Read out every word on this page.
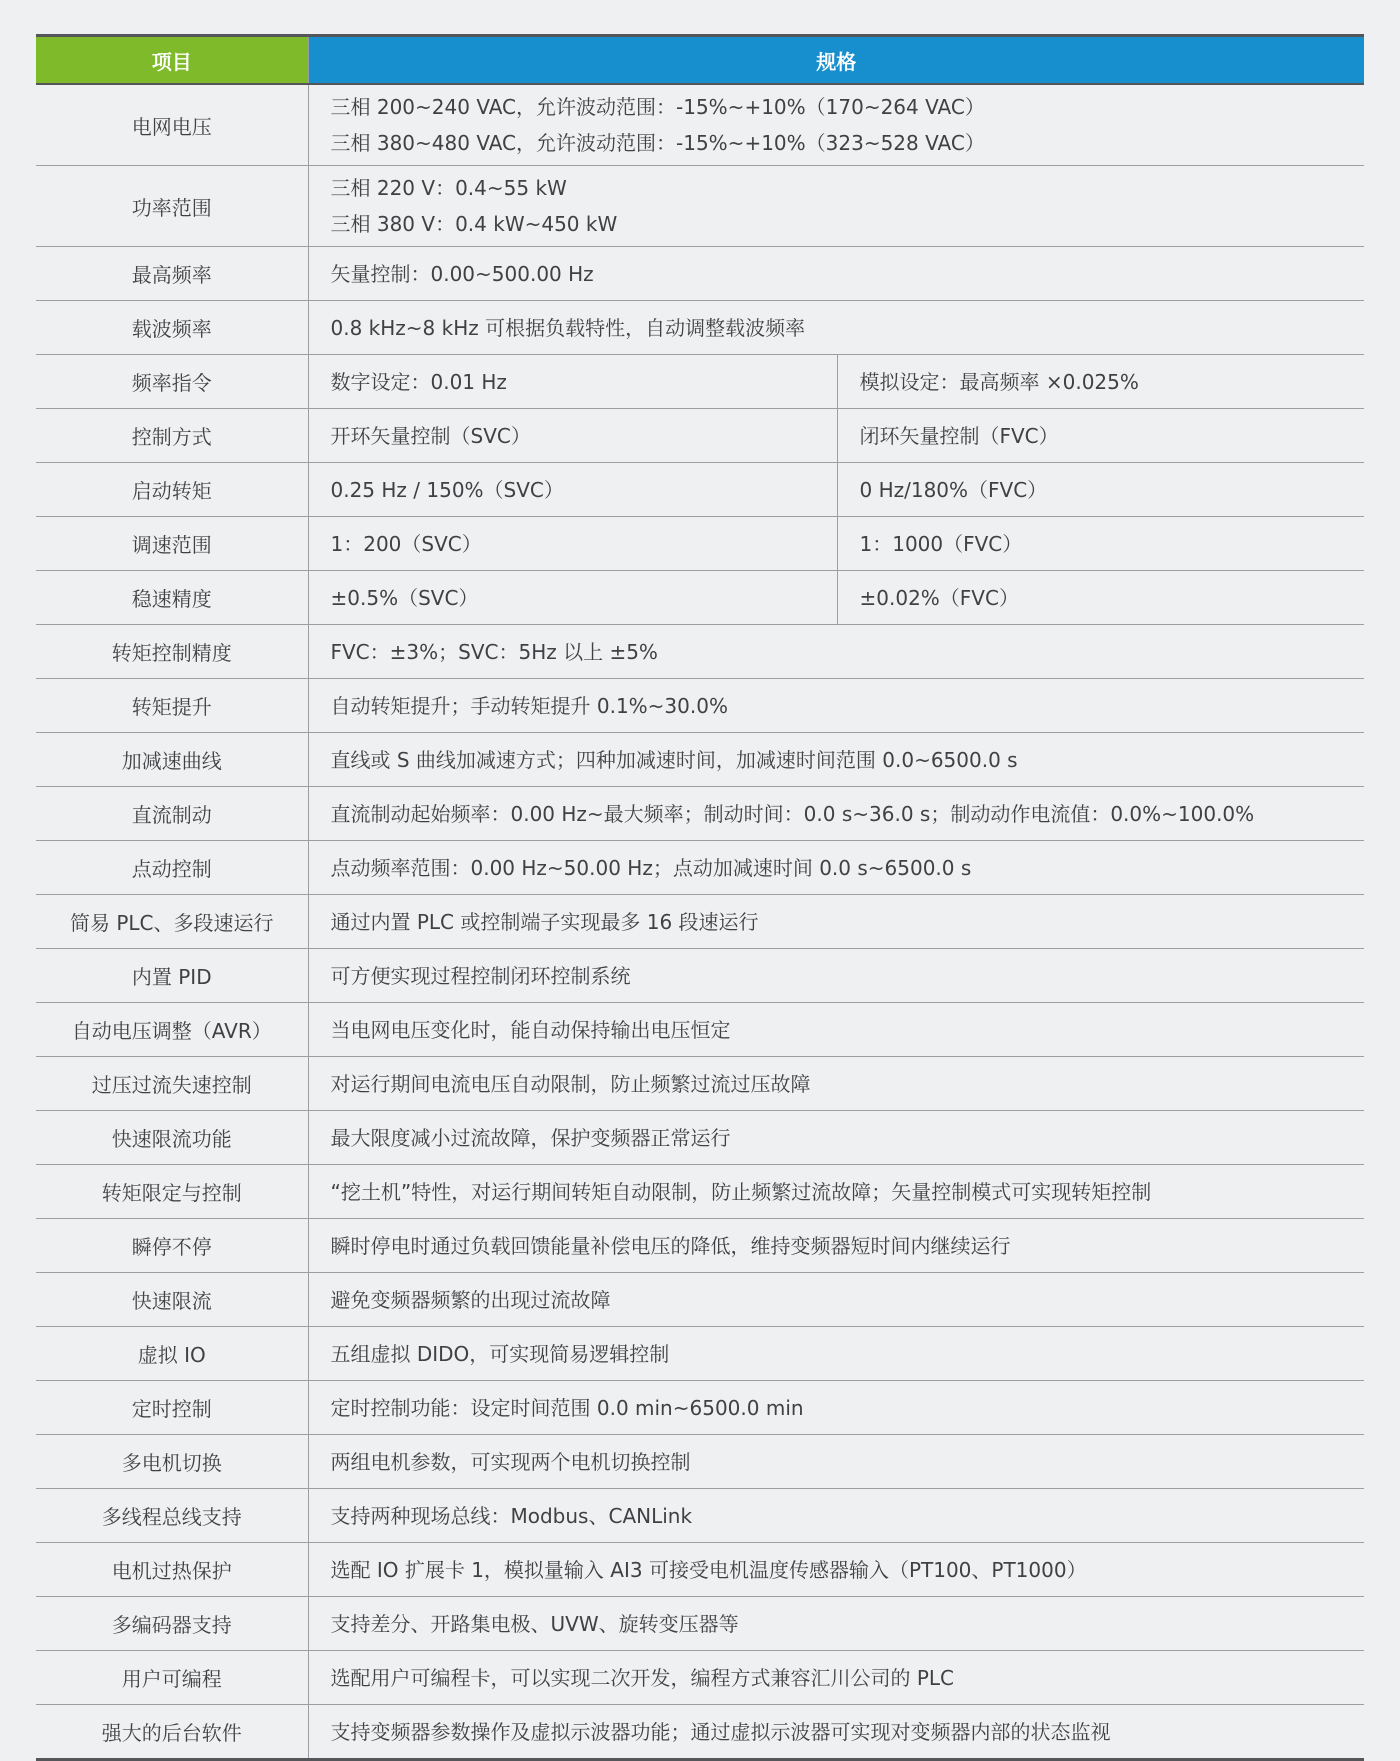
项目	规格	
电网电压	三相 200~240 VAC，允许波动范围：-15%~+10%（170~264 VAC）
三相 380~480 VAC，允许波动范围：-15%~+10%（323~528 VAC）	

功率范围	三相 220 V：0.4~55 kW
三相 380 V：0.4 kW~450 kW	

最高频率	矢量控制：0.00~500.00 Hz	

载波频率	0.8 kHz~8 kHz 可根据负载特性，自动调整载波频率	

频率指令	数字设定：0.01 Hz	模拟设定：最高频率 ×0.025%

控制方式	开环矢量控制（SVC）	闭环矢量控制（FVC）

启动转矩	0.25 Hz / 150%（SVC）	0 Hz/180%（FVC）

调速范围	1：200（SVC）	1：1000（FVC）

稳速精度	±0.5%（SVC）	±0.02%（FVC）

转矩控制精度	FVC：±3%；SVC：5Hz 以上 ±5%	

转矩提升	自动转矩提升；手动转矩提升 0.1%~30.0%	

加减速曲线	直线或 S 曲线加减速方式；四种加减速时间，加减速时间范围 0.0~6500.0 s	

直流制动	直流制动起始频率：0.00 Hz~最大频率；制动时间：0.0 s~36.0 s；制动动作电流值：0.0%~100.0%	

点动控制	点动频率范围：0.00 Hz~50.00 Hz；点动加减速时间 0.0 s~6500.0 s	

简易 PLC、多段速运行	通过内置 PLC 或控制端子实现最多 16 段速运行	

内置 PID	可方便实现过程控制闭环控制系统	

自动电压调整（AVR）	当电网电压变化时，能自动保持输出电压恒定	

过压过流失速控制	对运行期间电流电压自动限制，防止频繁过流过压故障	

快速限流功能	最大限度减小过流故障，保护变频器正常运行	

转矩限定与控制	“挖土机”特性，对运行期间转矩自动限制，防止频繁过流故障；矢量控制模式可实现转矩控制	

瞬停不停	瞬时停电时通过负载回馈能量补偿电压的降低，维持变频器短时间内继续运行	

快速限流	避免变频器频繁的出现过流故障	

虚拟 IO	五组虚拟 DIDO，可实现简易逻辑控制	

定时控制	定时控制功能：设定时间范围 0.0 min~6500.0 min	

多电机切换	两组电机参数，可实现两个电机切换控制	

多线程总线支持	支持两种现场总线：Modbus、CANLink	

电机过热保护	选配 IO 扩展卡 1，模拟量输入 AI3 可接受电机温度传感器输入（PT100、PT1000）	

多编码器支持	支持差分、开路集电极、UVW、旋转变压器等	

用户可编程	选配用户可编程卡，可以实现二次开发，编程方式兼容汇川公司的 PLC	

强大的后台软件	支持变频器参数操作及虚拟示波器功能；通过虚拟示波器可实现对变频器内部的状态监视	
